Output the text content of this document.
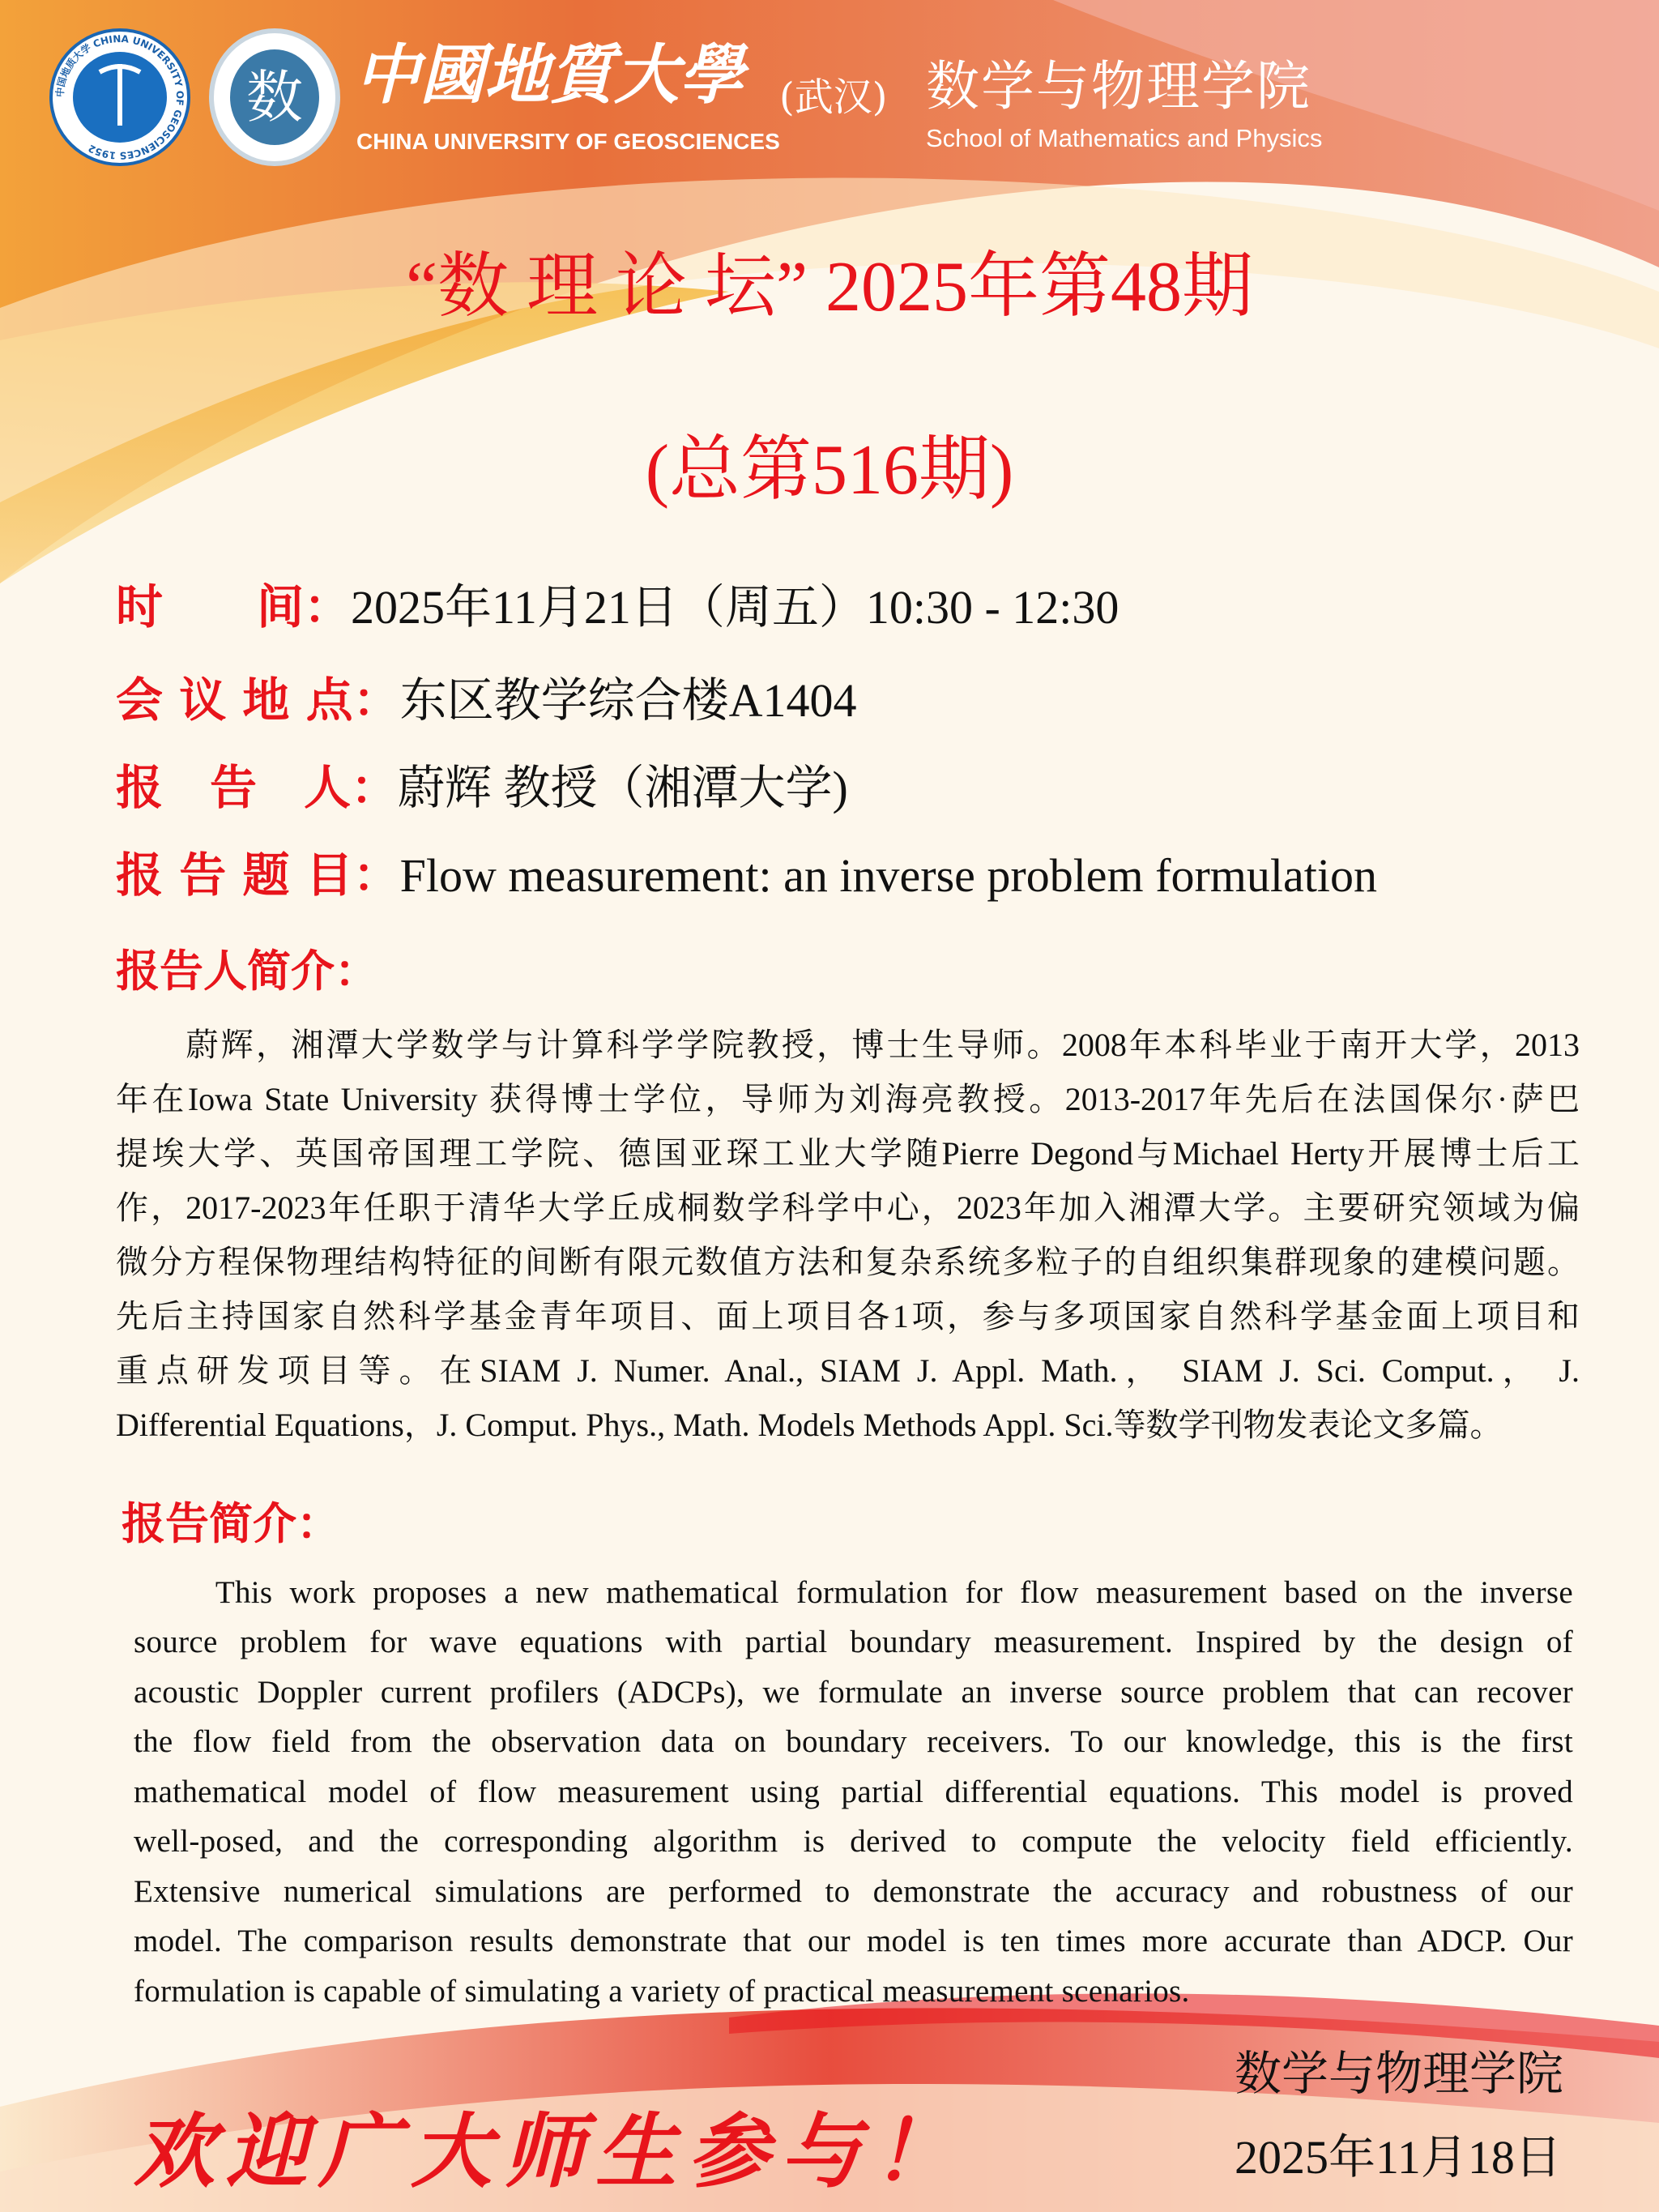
中国地质大学 CHINA UNIVERSITY OF GEOSCIENCES 1952
数 中國地質大學 (武汉)
CHINA UNIVERSITY OF GEOSCIENCES
数学与物理学院
School of Mathematics and Physics
“数 理 论 坛” 2025年第48期
(总第516期)
时　　间：2025年11月21日（周五）10:30 - 12:30
会 议 地 点：东区教学综合楼A1404
报　告　人：蔚辉 教授（湘潭大学)
报 告 题 目：Flow measurement: an inverse problem formulation
报告人简介：
　　蔚辉，湘潭大学数学与计算科学学院教授，博士生导师。2008年本科毕业于南开大学，2013
年在Iowa State University 获得博士学位，导师为刘海亮教授。2013-2017年先后在法国保尔·萨巴
提埃大学、英国帝国理工学院、德国亚琛工业大学随Pierre Degond与Michael Herty开展博士后工
作，2017-2023年任职于清华大学丘成桐数学科学中心，2023年加入湘潭大学。主要研究领域为偏
微分方程保物理结构特征的间断有限元数值方法和复杂系统多粒子的自组织集群现象的建模问题。
先后主持国家自然科学基金青年项目、面上项目各1项，参与多项国家自然科学基金面上项目和
重点研发项目等。在SIAM J. Numer. Anal., SIAM J. Appl. Math.， SIAM J. Sci. Comput.， J.
Differential Equations，J. Comput. Phys., Math. Models Methods Appl. Sci.等数学刊物发表论文多篇。
报告简介：
　　This work proposes a new mathematical formulation for flow measurement based on the inverse
source problem for wave equations with partial boundary measurement. Inspired by the design of
acoustic Doppler current profilers (ADCPs), we formulate an inverse source problem that can recover
the flow field from the observation data on boundary receivers. To our knowledge, this is the first
mathematical model of flow measurement using partial differential equations. This model is proved
well-posed, and the corresponding algorithm is derived to compute the velocity field efficiently.
Extensive numerical simulations are performed to demonstrate the accuracy and robustness of our
model. The comparison results demonstrate that our model is ten times more accurate than ADCP. Our
formulation is capable of simulating a variety of practical measurement scenarios.
欢迎广大师生参与！
数学与物理学院
2025年11月18日
